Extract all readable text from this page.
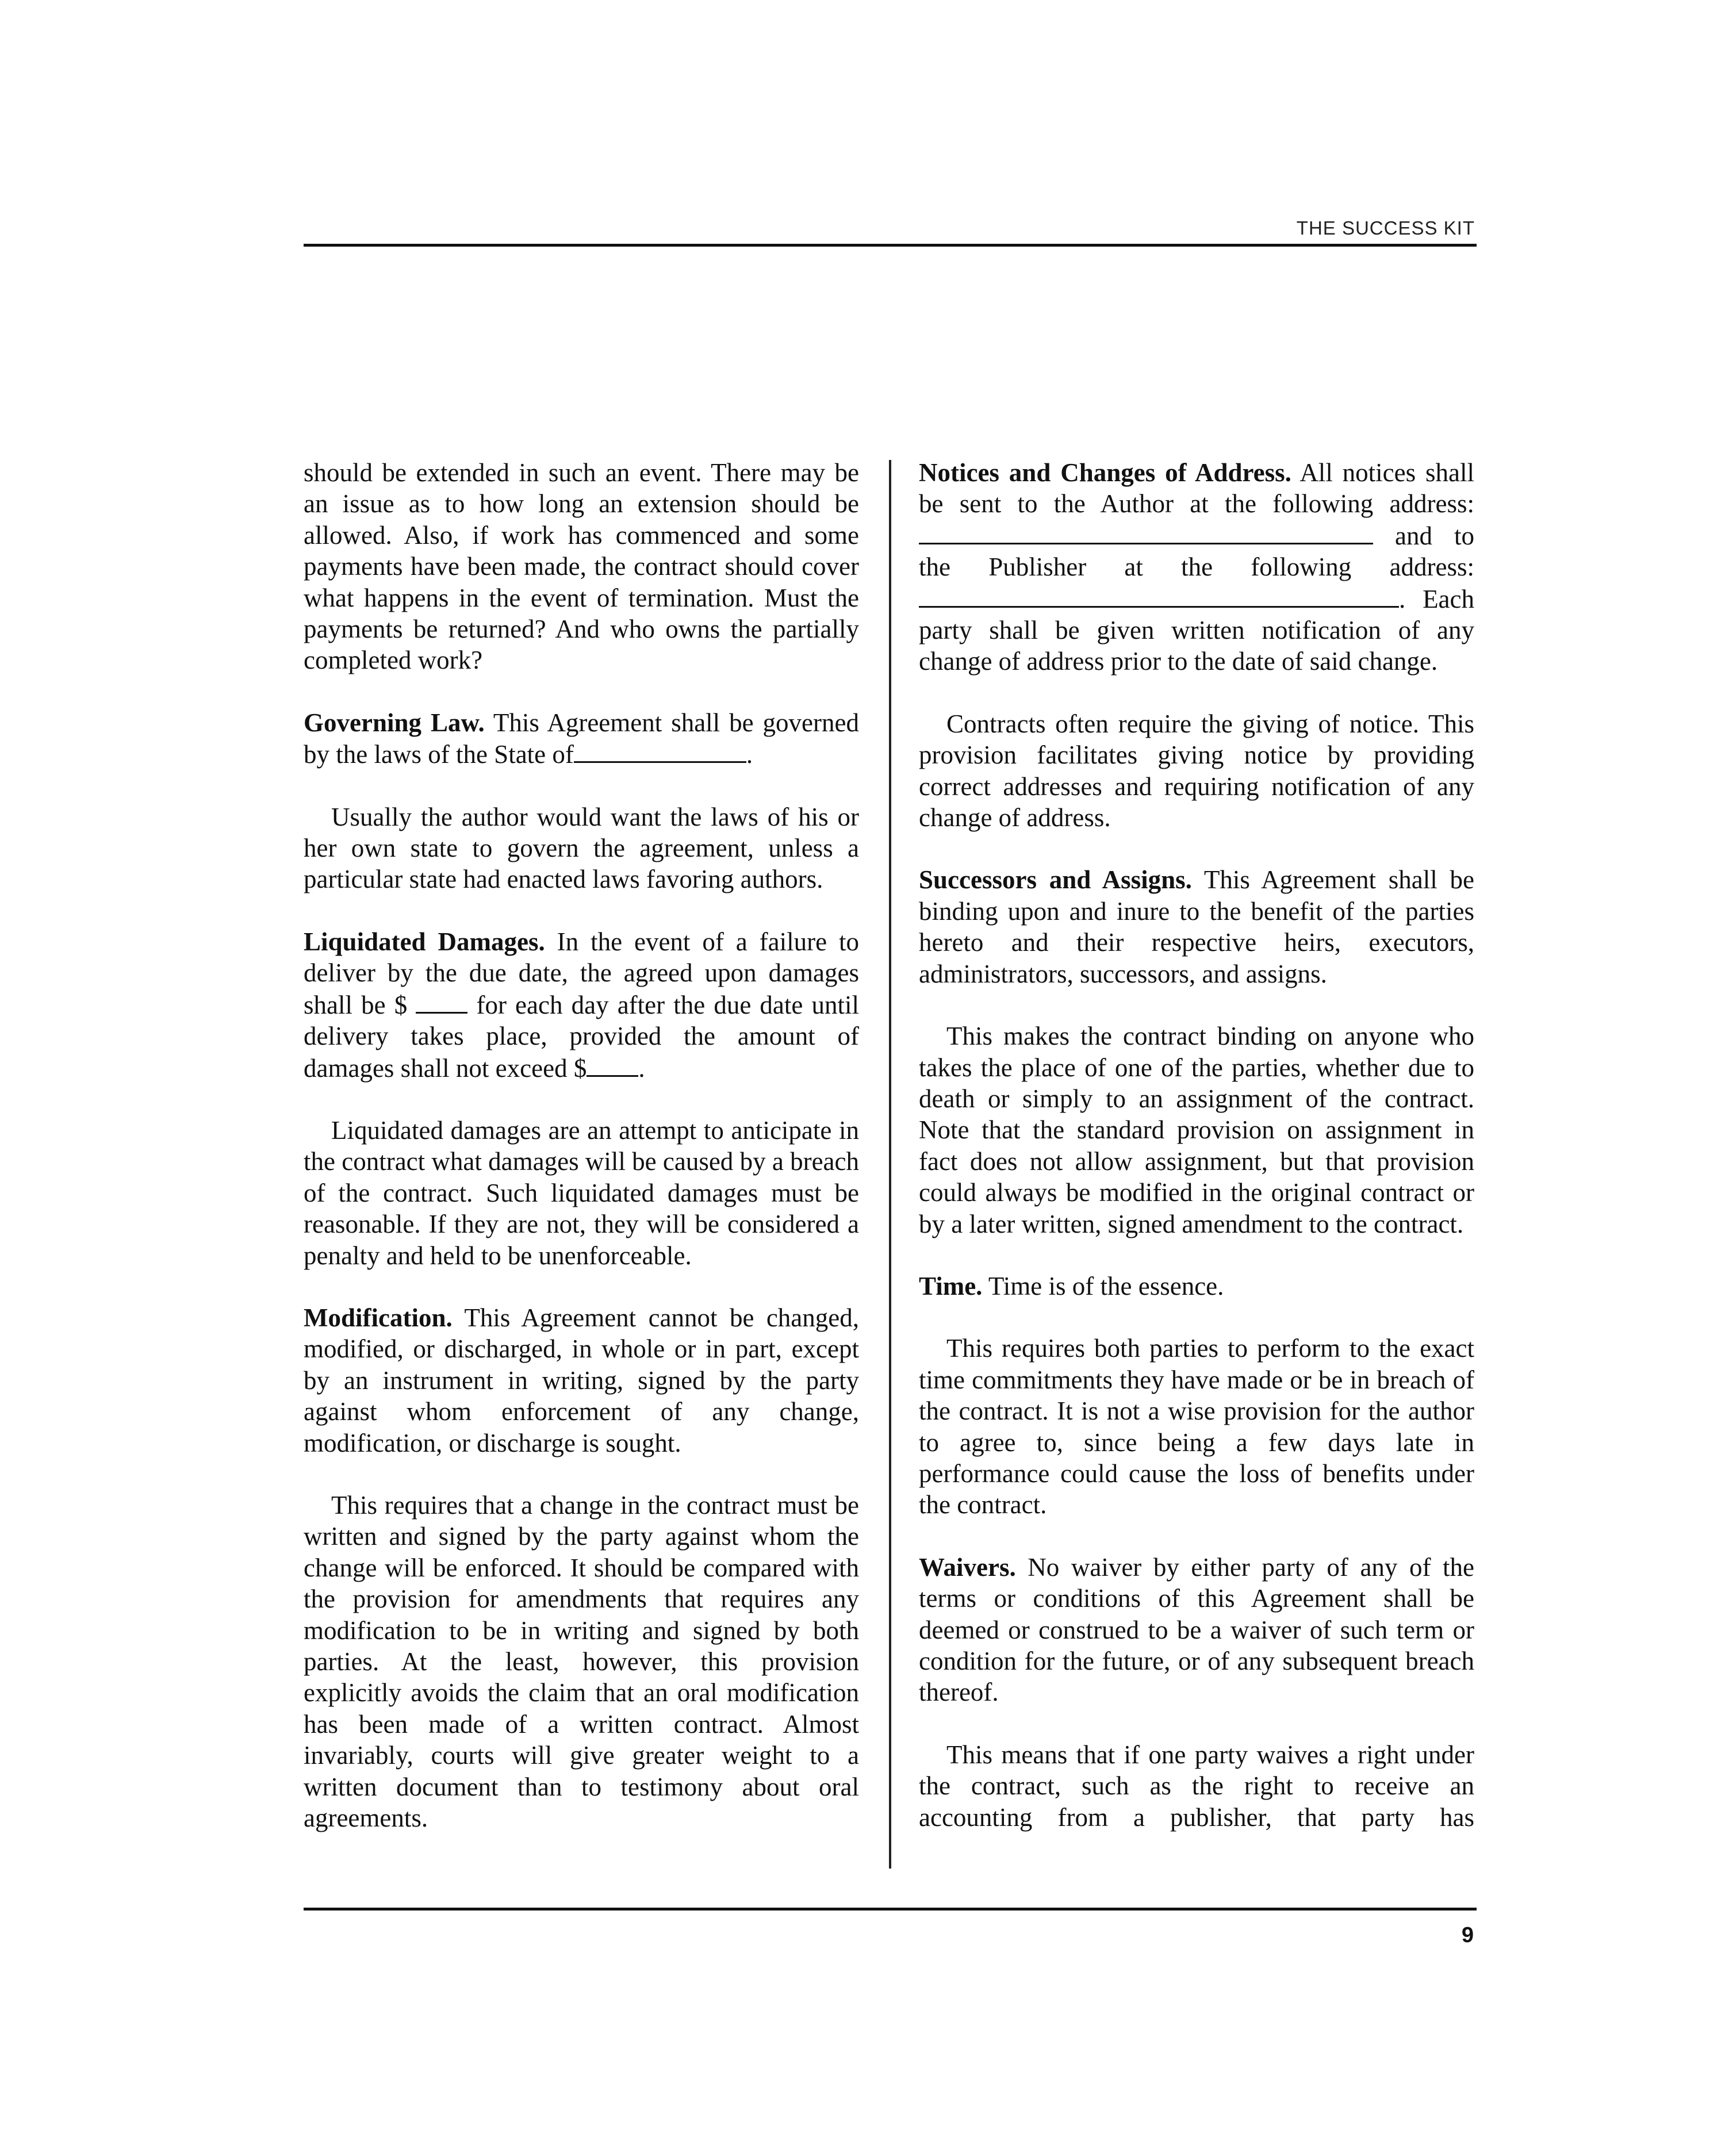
THE SUCCESS KIT

should be extended in such an event. There may be an issue as to how long an extension should be allowed. Also, if work has commenced and some payments have been made, the contract should cover what happens in the event of termination. Must the payments be returned? And who owns the partially completed work?

Governing Law. This Agreement shall be governed by the laws of the State of	.

Usually the author would want the laws of his or her own state to govern the agreement, unless a particular state had enacted laws favoring authors.

Liquidated Damages. In the event of a failure to deliver by the due date, the agreed upon damages shall be $	for each day after the due date until delivery takes place, provided the amount of damages shall not exceed $ .

Liquidated damages are an attempt to anticipate in the contract what damages will be caused by a breach of the contract. Such liquidated damages must be reasonable. If they are not, they will be considered a penalty and held to be unenforceable.

Modification. This Agreement cannot be changed, modified, or discharged, in whole or in part, except by an instrument in writing, signed by the party against whom enforcement of any change, modification, or discharge is sought.

This requires that a change in the contract must be written and signed by the party against whom the change will be enforced. It should be compared with the provision for amendments that requires any modification to be in writing and signed by both parties. At the least, however, this provision explicitly avoids the claim that an oral modification has been made of a written contract. Almost invariably, courts will give greater weight to a written document than to testimony about oral agreements.

Notices and Changes of Address. All notices shall be sent to the Author at the following address: and to the Publisher at the following address: . Each party shall be given written notification of any change of address prior to the date of said change.

Contracts often require the giving of notice. This provision facilitates giving notice by providing correct addresses and requiring notification of any change of address.

Successors and Assigns. This Agreement shall be binding upon and inure to the benefit of the parties hereto and their respective heirs, executors, administrators, successors, and assigns.

This makes the contract binding on anyone who takes the place of one of the parties, whether due to death or simply to an assignment of the contract. Note that the standard provision on assignment in fact does not allow assignment, but that provision could always be modified in the original contract or by a later written, signed amendment to the contract.

Time. Time is of the essence.

This requires both parties to perform to the exact time commitments they have made or be in breach of the contract. It is not a wise provision for the author to agree to, since being a few days late in performance could cause the loss of benefits under the contract.

Waivers. No waiver by either party of any of the terms or conditions of this Agreement shall be deemed or construed to be a waiver of such term or condition for the future, or of any subsequent breach thereof.

This means that if one party waives a right under the contract, such as the right to receive an accounting from a publisher, that party has

9
